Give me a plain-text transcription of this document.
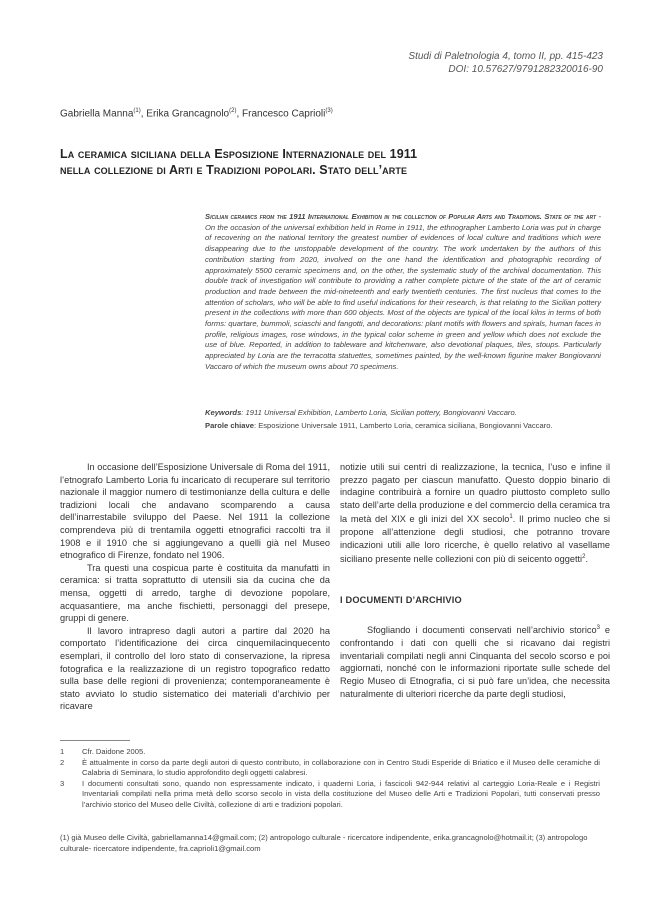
Studi di Paletnologia 4, tomo II, pp. 415-423
DOI: 10.57627/9791282320016-90
Gabriella Manna$^{(1)}$, Erika Grancagnolo$^{(2)}$, Francesco Caprioli$^{(3)}$
La ceramica siciliana della Esposizione Internazionale del 1911
nella collezione di Arti e Tradizioni popolari. Stato dell’arte
Sicilian ceramics from the 1911 International Exhibition in the collection of Popular Arts and Traditions. State of the art - On the occasion of the universal exhibition held in Rome in 1911, the ethnographer Lamberto Loria was put in charge of recovering on the national territory the greatest number of evidences of local culture and traditions which were disappearing due to the unstoppable development of the country. The work undertaken by the authors of this contribution starting from 2020, involved on the one hand the identification and photographic recording of approximately 5500 ceramic specimens and, on the other, the systematic study of the archival documentation. This double track of investigation will contribute to providing a rather complete picture of the state of the art of ceramic production and trade between the mid-nineteenth and early twentieth centuries. The first nucleus that comes to the attention of scholars, who will be able to find useful indications for their research, is that relating to the Sicilian pottery present in the collections with more than 600 objects. Most of the objects are typical of the local kilns in terms of both forms: quartare, bummoli, sciaschi and fangotti, and decorations: plant motifs with flowers and spirals, human faces in profile, religious images, rose windows, in the typical color scheme in green and yellow which does not exclude the use of blue. Reported, in addition to tableware and kitchenware, also devotional plaques, tiles, stoups. Particularly appreciated by Loria are the terracotta statuettes, sometimes painted, by the well-known figurine maker Bongiovanni Vaccaro of which the museum owns about 70 specimens.
Keywords: 1911 Universal Exhibition, Lamberto Loria, Sicilian pottery, Bongiovanni Vaccaro.
Parole chiave: Esposizione Universale 1911, Lamberto Loria, ceramica siciliana, Bongiovanni Vaccaro.

In occasione dell’Esposizione Universale di Roma del 1911, l’etnografo Lamberto Loria fu incaricato di recuperare sul territorio nazionale il maggior numero di testimonianze della cultura e delle tradizioni locali che andavano scomparendo a causa dell’inarrestabile sviluppo del Paese. Nel 1911 la collezione comprendeva più di trentamila oggetti etnografici raccolti tra il 1908 e il 1910 che si aggiungevano a quelli già nel Museo etnografico di Firenze, fondato nel 1906.

Tra questi una cospicua parte è costituita da manufatti in ceramica: si tratta soprattutto di utensili sia da cucina che da mensa, oggetti di arredo, targhe di devozione popolare, acquasantiere, ma anche fischietti, personaggi del presepe, gruppi di genere.

Il lavoro intrapreso dagli autori a partire dal 2020 ha comportato l’identificazione dei circa cinquemilacinquecento esemplari, il controllo del loro stato di conservazione, la ripresa fotografica e la realizzazione di un registro topografico redatto sulla base delle regioni di provenienza; contemporaneamente è stato avviato lo studio sistematico dei materiali d’archivio per ricavare

notizie utili sui centri di realizzazione, la tecnica, l’uso e infine il prezzo pagato per ciascun manufatto. Questo doppio binario di indagine contribuirà a fornire un quadro piuttosto completo sullo stato dell’arte della produzione e del commercio della ceramica tra la metà del XIX e gli inizi del XX secolo$^1$. Il primo nucleo che si propone all’attenzione degli studiosi, che potranno trovare indicazioni utili alle loro ricerche, è quello relativo al vasellame siciliano presente nelle collezioni con più di seicento oggetti$^2$.

I DOCUMENTI D’ARCHIVIO

Sfogliando i documenti conservati nell’archivio storico$^3$ e confrontando i dati con quelli che si ricavano dai registri inventariali compilati negli anni Cinquanta del secolo scorso e poi aggiornati, nonché con le informazioni riportate sulle schede del Regio Museo di Etnografia, ci si può fare un’idea, che necessita naturalmente di ulteriori ricerche da parte degli studiosi,

1	Cfr. Daidone 2005.
2	È attualmente in corso da parte degli autori di questo contributo, in collaborazione con in Centro Studi Esperide di Briatico e il Museo delle ceramiche di Calabria di Seminara, lo studio approfondito degli oggetti calabresi.
3	I documenti consultati sono, quando non espressamente indicato, i quaderni Loria, i fascicoli 942-944 relativi al carteggio Loria-Reale e i Registri Inventariali compilati nella prima metà dello scorso secolo in vista della costituzione del Museo delle Arti e Tradizioni Popolari, tutti conservati presso l’archivio storico del Museo delle Civiltà, collezione di arti e tradizioni popolari.
(1) già Museo delle Civiltà, gabriellamanna14@gmail.com; (2) antropologo culturale - ricercatore indipendente, erika.grancagnolo@hotmail.it; (3) antropologo culturale- ricercatore indipendente, fra.caprioli1@gmail.com
